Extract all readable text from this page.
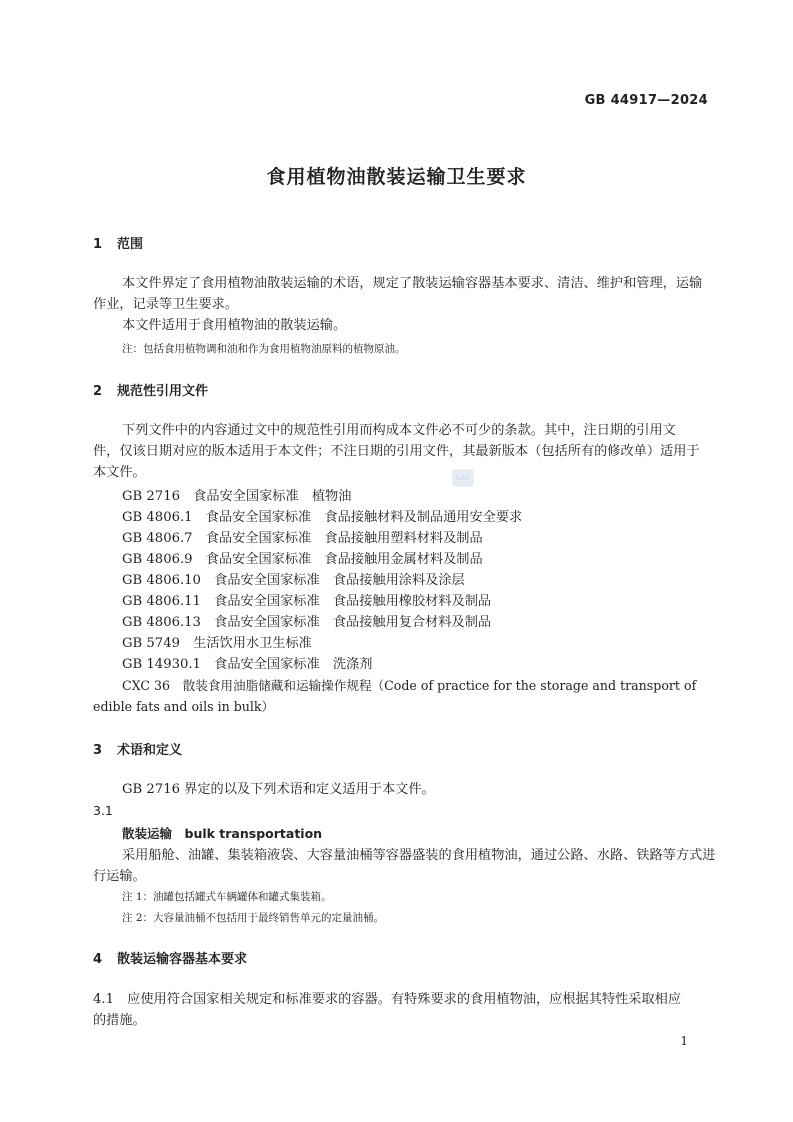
GB 44917—2024
食用植物油散装运输卫生要求
1 范围
本文件界定了食用植物油散装运输的术语，规定了散装运输容器基本要求、清洁、维护和管理，运输
作业，记录等卫生要求。
本文件适用于食用植物油的散装运输。
注：包括食用植物调和油和作为食用植物油原料的植物原油。
2 规范性引用文件
下列文件中的内容通过文中的规范性引用而构成本文件必不可少的条款。其中，注日期的引用文
件，仅该日期对应的版本适用于本文件；不注日期的引用文件，其最新版本（包括所有的修改单）适用于
本文件。	SAC
GB 2716　食品安全国家标准　植物油
GB 4806.1　食品安全国家标准　食品接触材料及制品通用安全要求
GB 4806.7　食品安全国家标准　食品接触用塑料材料及制品
GB 4806.9　食品安全国家标准　食品接触用金属材料及制品
GB 4806.10　食品安全国家标准　食品接触用涂料及涂层
GB 4806.11　食品安全国家标准　食品接触用橡胶材料及制品
GB 4806.13　食品安全国家标准　食品接触用复合材料及制品
GB 5749　生活饮用水卫生标准
GB 14930.1　食品安全国家标准　洗涤剂
CXC 36　散装食用油脂储藏和运输操作规程（Code of practice for the storage and transport of
edible fats and oils in bulk）
3 术语和定义
GB 2716 界定的以及下列术语和定义适用于本文件。
3.1
散装运输　bulk transportation
采用船舱、油罐、集装箱液袋、大容量油桶等容器盛装的食用植物油，通过公路、水路、铁路等方式进
行运输。
注 1：油罐包括罐式车辆罐体和罐式集装箱。
注 2：大容量油桶不包括用于最终销售单元的定量油桶。
4 散装运输容器基本要求
4.1　应使用符合国家相关规定和标准要求的容器。有特殊要求的食用植物油，应根据其特性采取相应
的措施。
1
